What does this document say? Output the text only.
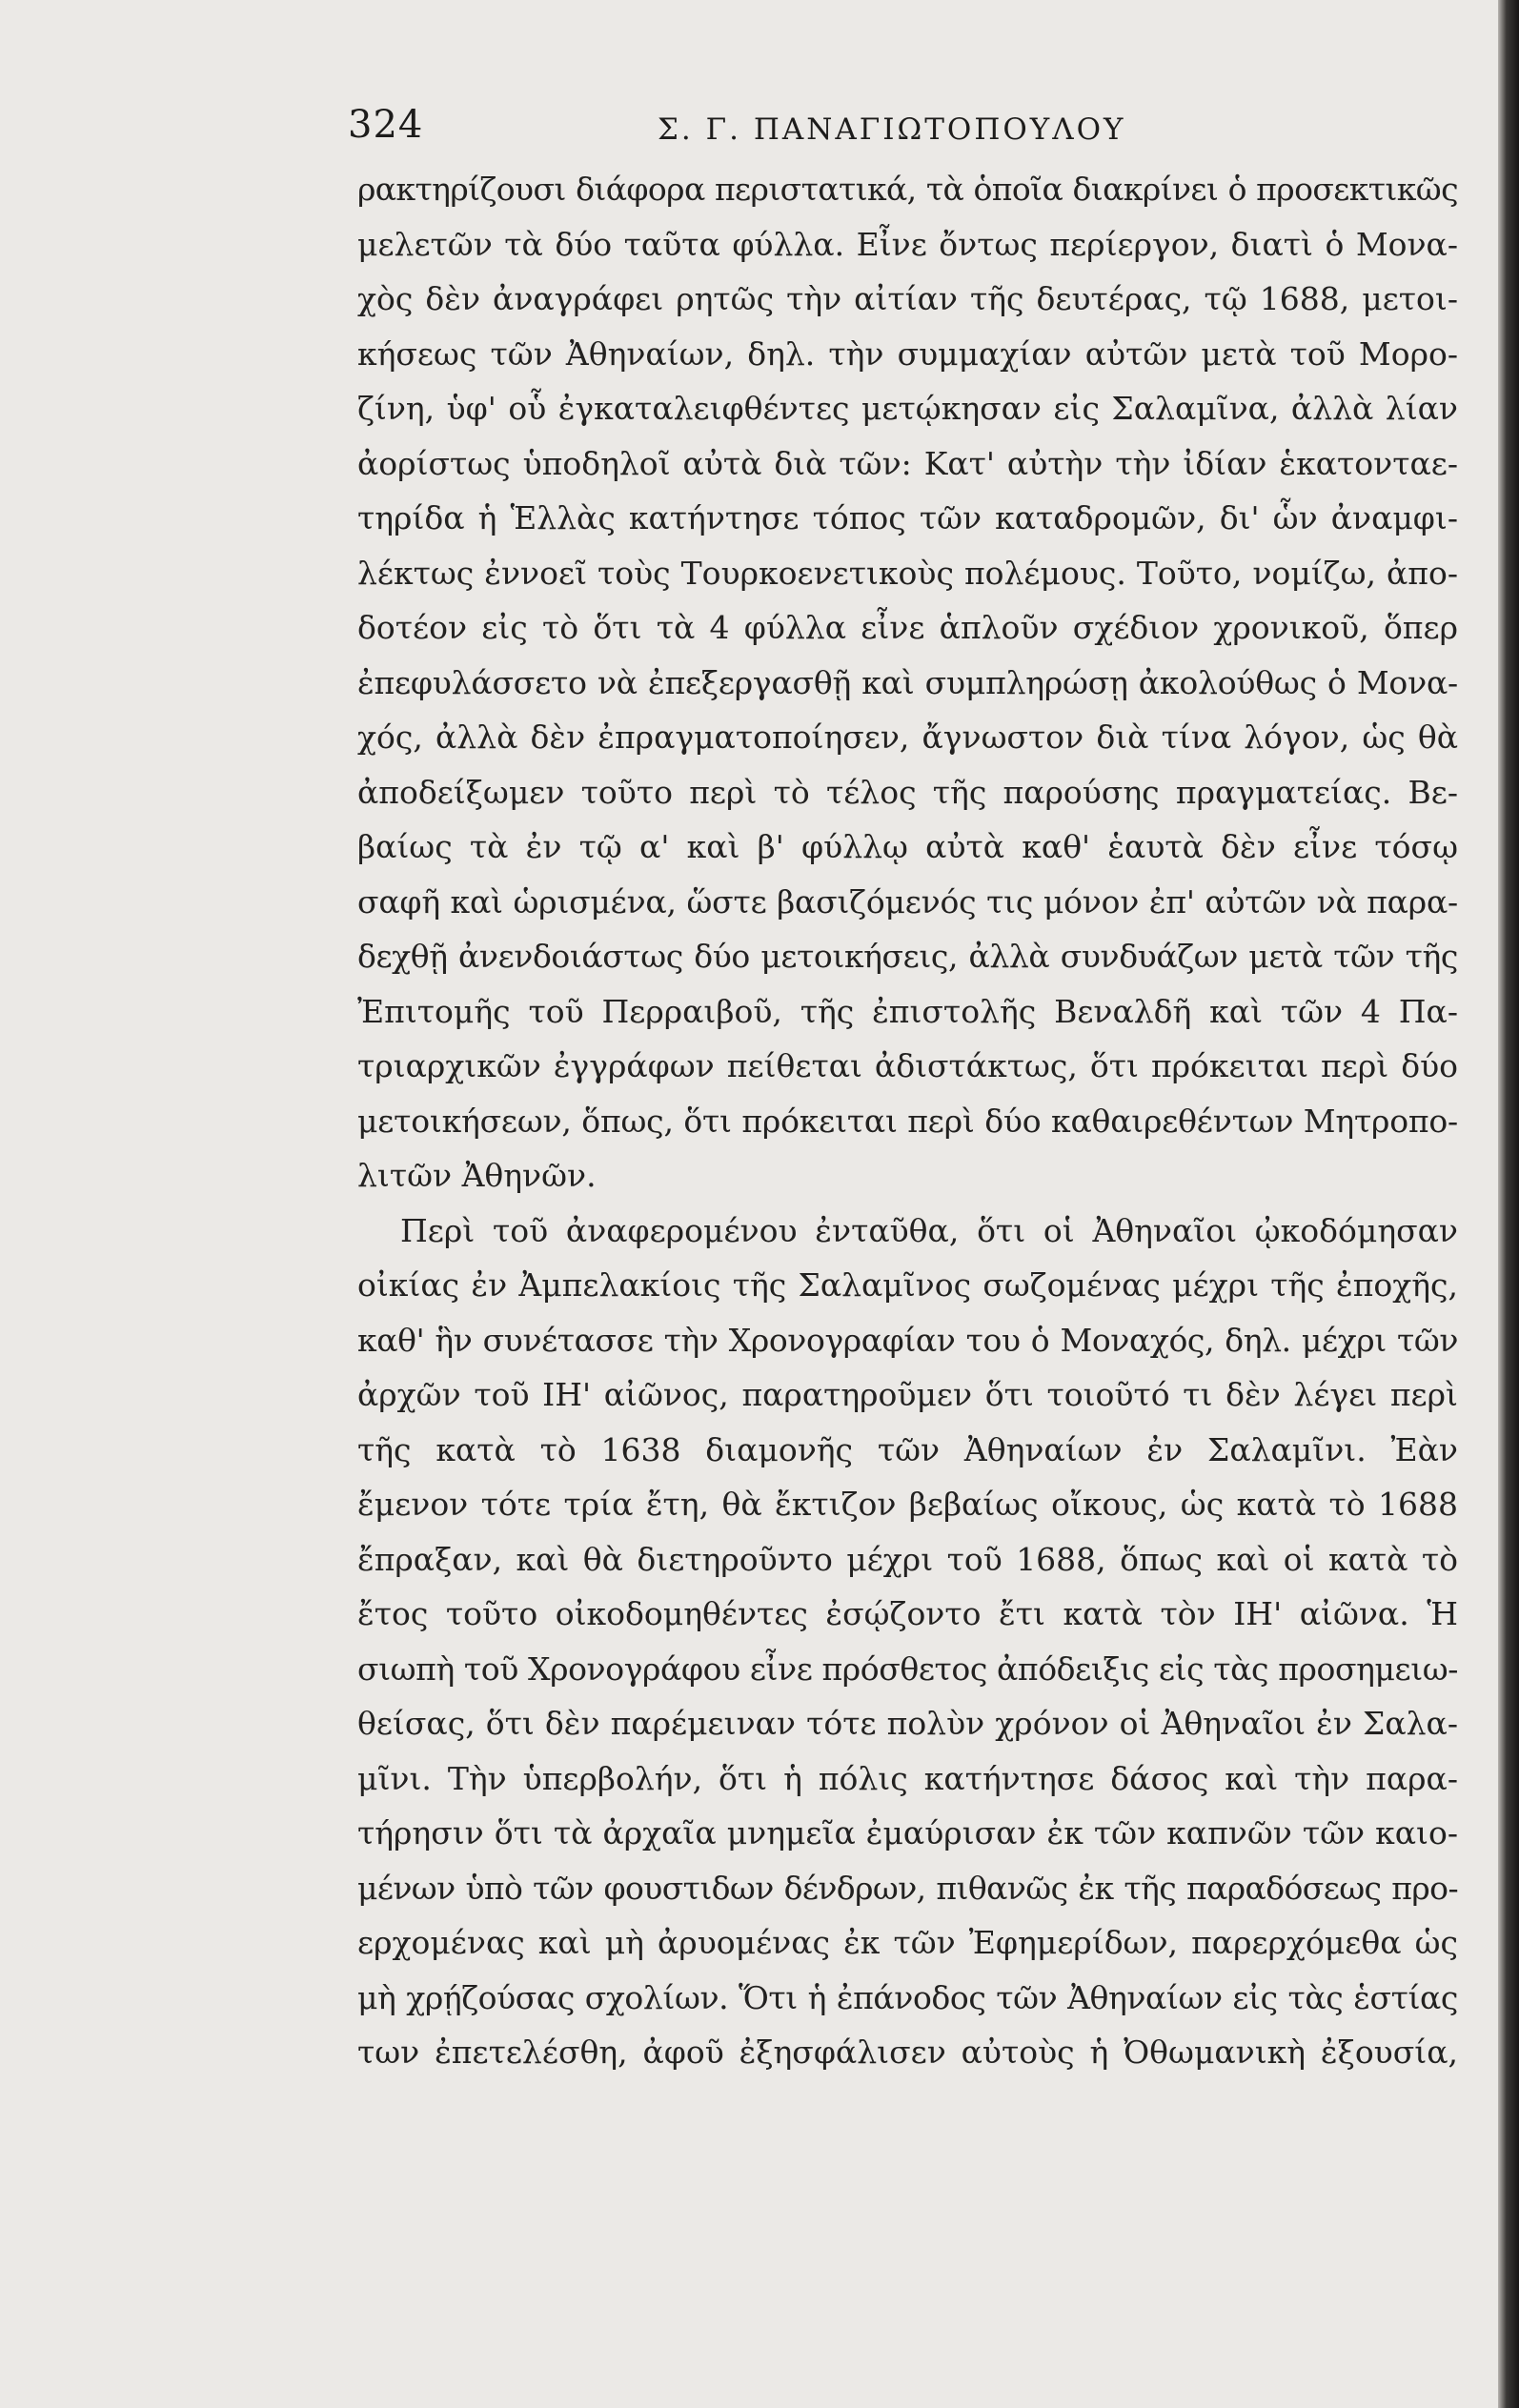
324	Σ. Γ. ΠΑΝΑΓΙΩΤΟΠΟΥΛΟΥ
ρακτηρίζουσι διάφορα περιστατικά, τὰ ὁποῖα διακρίνει ὁ προσεκτικῶς
μελετῶν τὰ δύο ταῦτα φύλλα. Εἶνε ὄντως περίεργον, διατὶ ὁ Μονα-
χὸς δὲν ἀναγράφει ρητῶς τὴν αἰτίαν τῆς δευτέρας, τῷ 1688, μετοι-
κήσεως τῶν Ἀθηναίων, δηλ. τὴν συμμαχίαν αὐτῶν μετὰ τοῦ Μορο-
ζίνη, ὑφ' οὗ ἐγκαταλειφθέντες μετῴκησαν εἰς Σαλαμῖνα, ἀλλὰ λίαν
ἀορίστως ὑποδηλοῖ αὐτὰ διὰ τῶν: Κατ' αὐτὴν τὴν ἰδίαν ἑκατονταε-
τηρίδα ἡ Ἑλλὰς κατήντησε τόπος τῶν καταδρομῶν, δι' ὧν ἀναμφι-
λέκτως ἐννοεῖ τοὺς Τουρκοενετικοὺς πολέμους. Τοῦτο, νομίζω, ἀπο-
δοτέον εἰς τὸ ὅτι τὰ 4 φύλλα εἶνε ἁπλοῦν σχέδιον χρονικοῦ, ὅπερ
ἐπεφυλάσσετο νὰ ἐπεξεργασθῇ καὶ συμπληρώσῃ ἀκολούθως ὁ Μονα-
χός, ἀλλὰ δὲν ἐπραγματοποίησεν, ἄγνωστον διὰ τίνα λόγον, ὡς θὰ
ἀποδείξωμεν τοῦτο περὶ τὸ τέλος τῆς παρούσης πραγματείας. Βε-
βαίως τὰ ἐν τῷ α' καὶ β' φύλλῳ αὐτὰ καθ' ἑαυτὰ δὲν εἶνε τόσῳ
σαφῆ καὶ ὡρισμένα, ὥστε βασιζόμενός τις μόνον ἐπ' αὐτῶν νὰ παρα-
δεχθῇ ἀνενδοιάστως δύο μετοικήσεις, ἀλλὰ συνδυάζων μετὰ τῶν τῆς
Ἐπιτομῆς τοῦ Περραιβοῦ, τῆς ἐπιστολῆς Βεναλδῆ καὶ τῶν 4 Πα-
τριαρχικῶν ἐγγράφων πείθεται ἀδιστάκτως, ὅτι πρόκειται περὶ δύο
μετοικήσεων, ὅπως, ὅτι πρόκειται περὶ δύο καθαιρεθέντων Μητροπο-
λιτῶν Ἀθηνῶν.
Περὶ τοῦ ἀναφερομένου ἐνταῦθα, ὅτι οἱ Ἀθηναῖοι ᾠκοδόμησαν
οἰκίας ἐν Ἀμπελακίοις τῆς Σαλαμῖνος σωζομένας μέχρι τῆς ἐποχῆς,
καθ' ἣν συνέτασσε τὴν Χρονογραφίαν του ὁ Μοναχός, δηλ. μέχρι τῶν
ἀρχῶν τοῦ ΙΗ' αἰῶνος, παρατηροῦμεν ὅτι τοιοῦτό τι δὲν λέγει περὶ
τῆς κατὰ τὸ 1638 διαμονῆς τῶν Ἀθηναίων ἐν Σαλαμῖνι. Ἐὰν
ἔμενον τότε τρία ἔτη, θὰ ἔκτιζον βεβαίως οἴκους, ὡς κατὰ τὸ 1688
ἔπραξαν, καὶ θὰ διετηροῦντο μέχρι τοῦ 1688, ὅπως καὶ οἱ κατὰ τὸ
ἔτος τοῦτο οἰκοδομηθέντες ἐσῴζοντο ἔτι κατὰ τὸν ΙΗ' αἰῶνα. Ἡ
σιωπὴ τοῦ Χρονογράφου εἶνε πρόσθετος ἀπόδειξις εἰς τὰς προσημειω-
θείσας, ὅτι δὲν παρέμειναν τότε πολὺν χρόνον οἱ Ἀθηναῖοι ἐν Σαλα-
μῖνι. Τὴν ὑπερβολήν, ὅτι ἡ πόλις κατήντησε δάσος καὶ τὴν παρα-
τήρησιν ὅτι τὰ ἀρχαῖα μνημεῖα ἐμαύρισαν ἐκ τῶν καπνῶν τῶν καιο-
μένων ὑπὸ τῶν φουστιδων δένδρων, πιθανῶς ἐκ τῆς παραδόσεως προ-
ερχομένας καὶ μὴ ἀρυομένας ἐκ τῶν Ἐφημερίδων, παρερχόμεθα ὡς
μὴ χρῄζούσας σχολίων. Ὅτι ἡ ἐπάνοδος τῶν Ἀθηναίων εἰς τὰς ἑστίας
των ἐπετελέσθη, ἀφοῦ ἐξησφάλισεν αὐτοὺς ἡ Ὀθωμανικὴ ἐξουσία,
